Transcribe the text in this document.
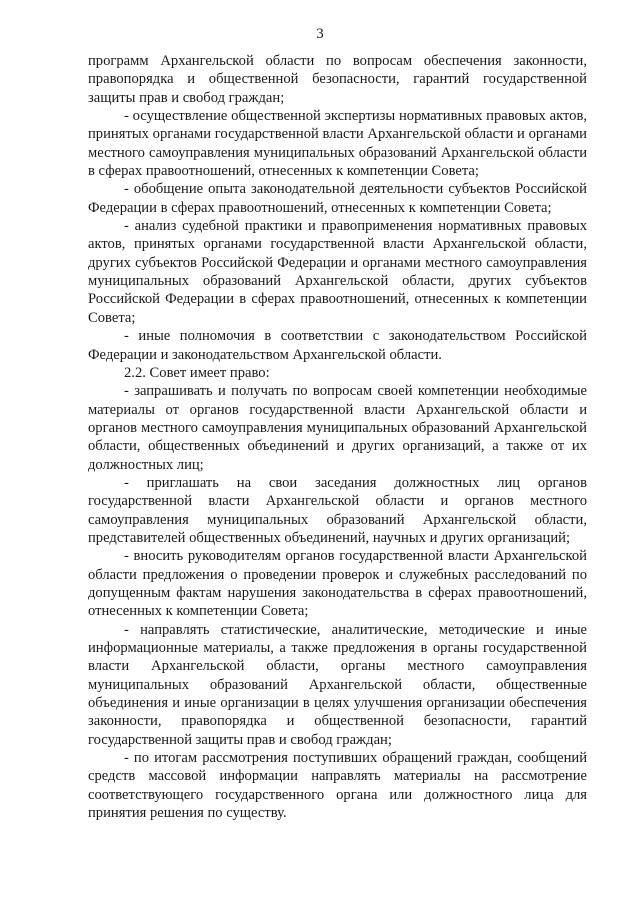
3

программ Архангельской области по вопросам обеспечения законности, правопорядка и общественной безопасности, гарантий государственной защиты прав и свобод граждан;

- осуществление общественной экспертизы нормативных правовых актов, принятых органами государственной власти Архангельской области и органами местного самоуправления муниципальных образований Архангельской области в сферах правоотношений, отнесенных к компетенции Совета;

- обобщение опыта законодательной деятельности субъектов Российской Федерации в сферах правоотношений, отнесенных к компетенции Совета;

- анализ судебной практики и правоприменения нормативных правовых актов, принятых органами государственной власти Архангельской области, других субъектов Российской Федерации и органами местного самоуправления муниципальных образований Архангельской области, других субъектов Российской Федерации в сферах правоотношений, отнесенных к компетенции Совета;

- иные полномочия в соответствии с законодательством Российской Федерации и законодательством Архангельской области.

2.2. Совет имеет право:

- запрашивать и получать по вопросам своей компетенции необходимые материалы от органов государственной власти Архангельской области и органов местного самоуправления муниципальных образований Архангельской области, общественных объединений и других организаций, а также от их должностных лиц;

- приглашать на свои заседания должностных лиц органов государственной власти Архангельской области и органов местного самоуправления муниципальных образований Архангельской области, представителей общественных объединений, научных и других организаций;

- вносить руководителям органов государственной власти Архангельской области предложения о проведении проверок и служебных расследований по допущенным фактам нарушения законодательства в сферах правоотношений, отнесенных к компетенции Совета;

- направлять статистические, аналитические, методические и иные информационные материалы, а также предложения в органы государственной власти Архангельской области, органы местного самоуправления муниципальных образований Архангельской области, общественные объединения и иные организации в целях улучшения организации обеспечения законности, правопорядка и общественной безопасности, гарантий государственной защиты прав и свобод граждан;

- по итогам рассмотрения поступивших обращений граждан, сообщений средств массовой информации направлять материалы на рассмотрение соответствующего государственного органа или должностного лица для принятия решения по существу.
